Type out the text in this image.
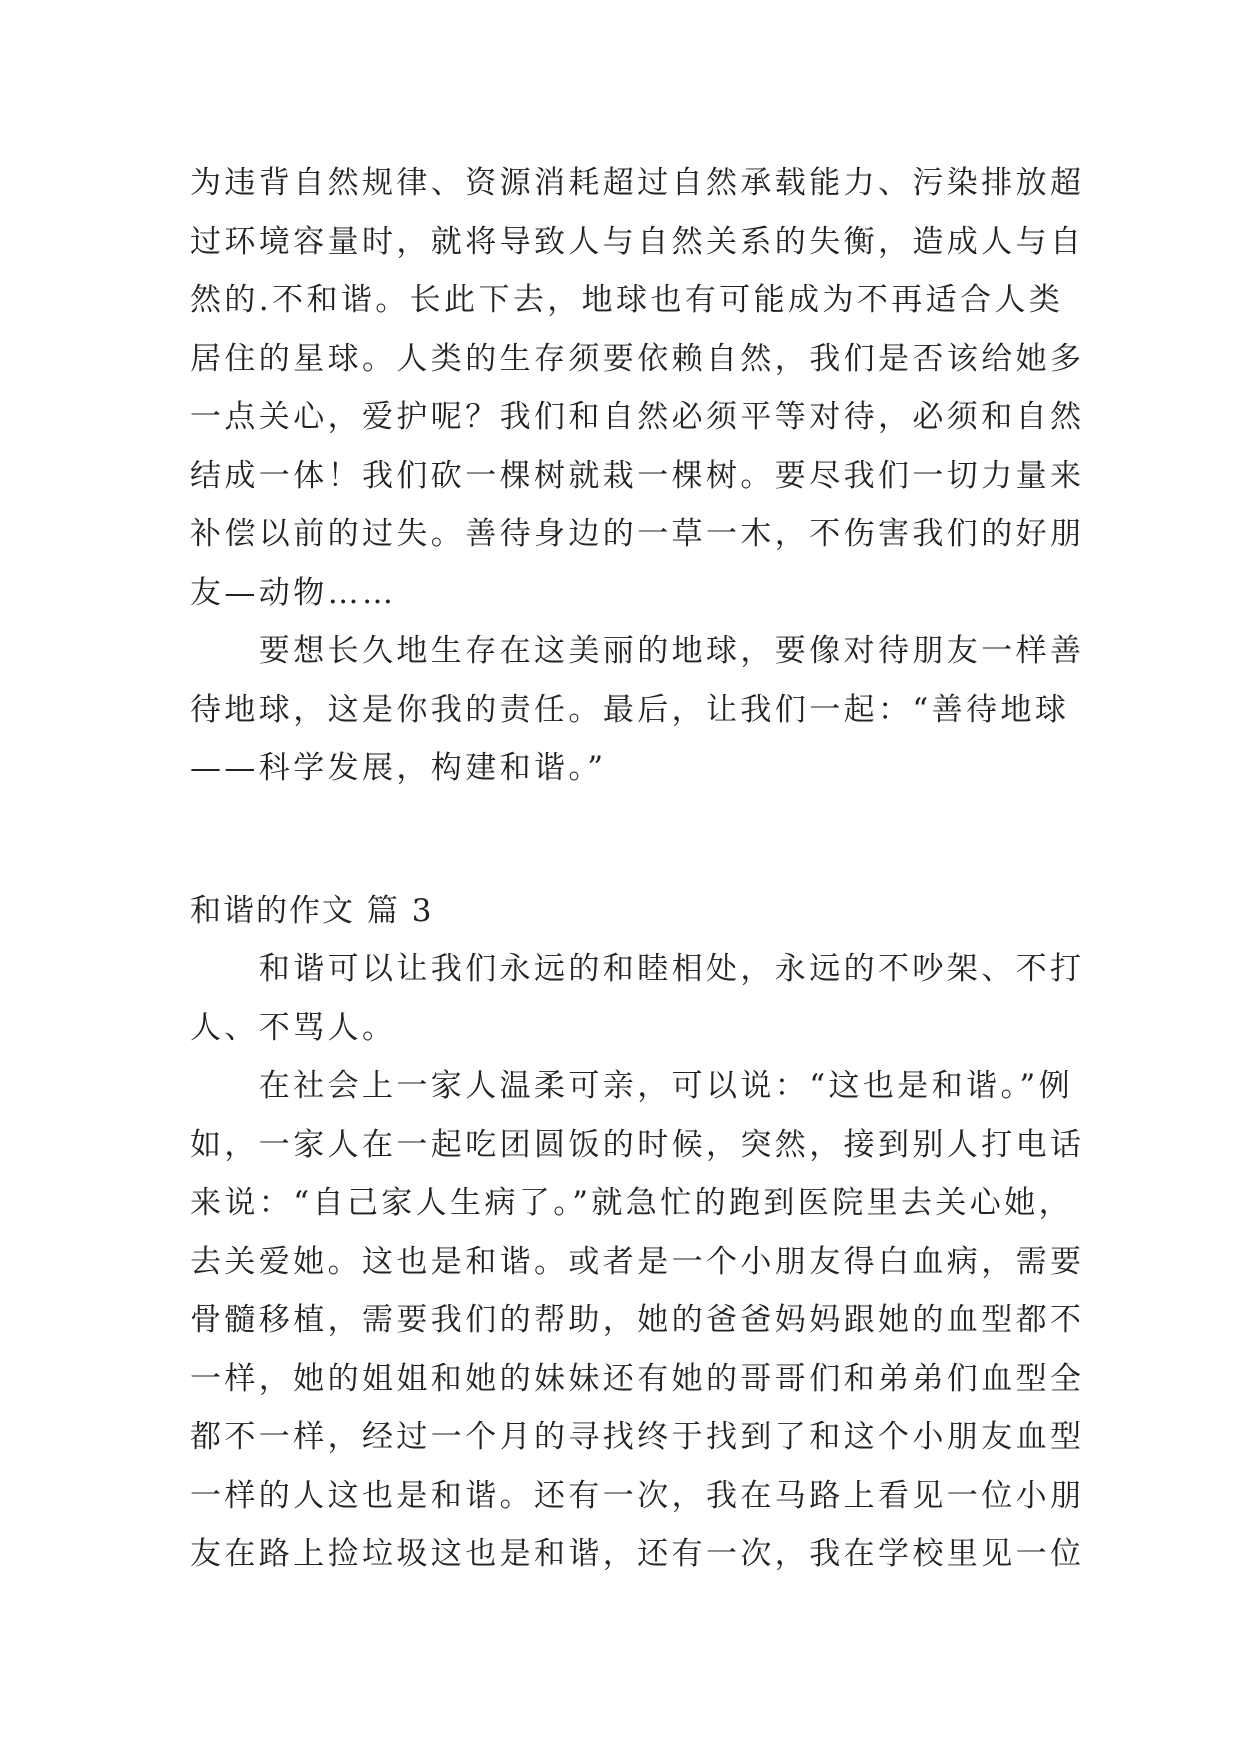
为违背自然规律、资源消耗超过自然承载能力、污染排放超
过环境容量时，就将导致人与自然关系的失衡，造成人与自
然的.不和谐。长此下去，地球也有可能成为不再适合人类
居住的星球。人类的生存须要依赖自然，我们是否该给她多
一点关心，爱护呢？我们和自然必须平等对待，必须和自然
结成一体！我们砍一棵树就栽一棵树。要尽我们一切力量来
补偿以前的过失。善待身边的一草一木，不伤害我们的好朋
友—动物……
　　要想长久地生存在这美丽的地球，要像对待朋友一样善
待地球，这是你我的责任。最后，让我们一起：“善待地球
——科学发展，构建和谐。”
和谐的作文 篇 3
　　和谐可以让我们永远的和睦相处，永远的不吵架、不打
人、不骂人。
　　在社会上一家人温柔可亲，可以说：“这也是和谐。”例
如，一家人在一起吃团圆饭的时候，突然，接到别人打电话
来说：“自己家人生病了。”就急忙的跑到医院里去关心她，
去关爱她。这也是和谐。或者是一个小朋友得白血病，需要
骨髓移植，需要我们的帮助，她的爸爸妈妈跟她的血型都不
一样，她的姐姐和她的妹妹还有她的哥哥们和弟弟们血型全
都不一样，经过一个月的寻找终于找到了和这个小朋友血型
一样的人这也是和谐。还有一次，我在马路上看见一位小朋
友在路上捡垃圾这也是和谐，还有一次，我在学校里见一位
